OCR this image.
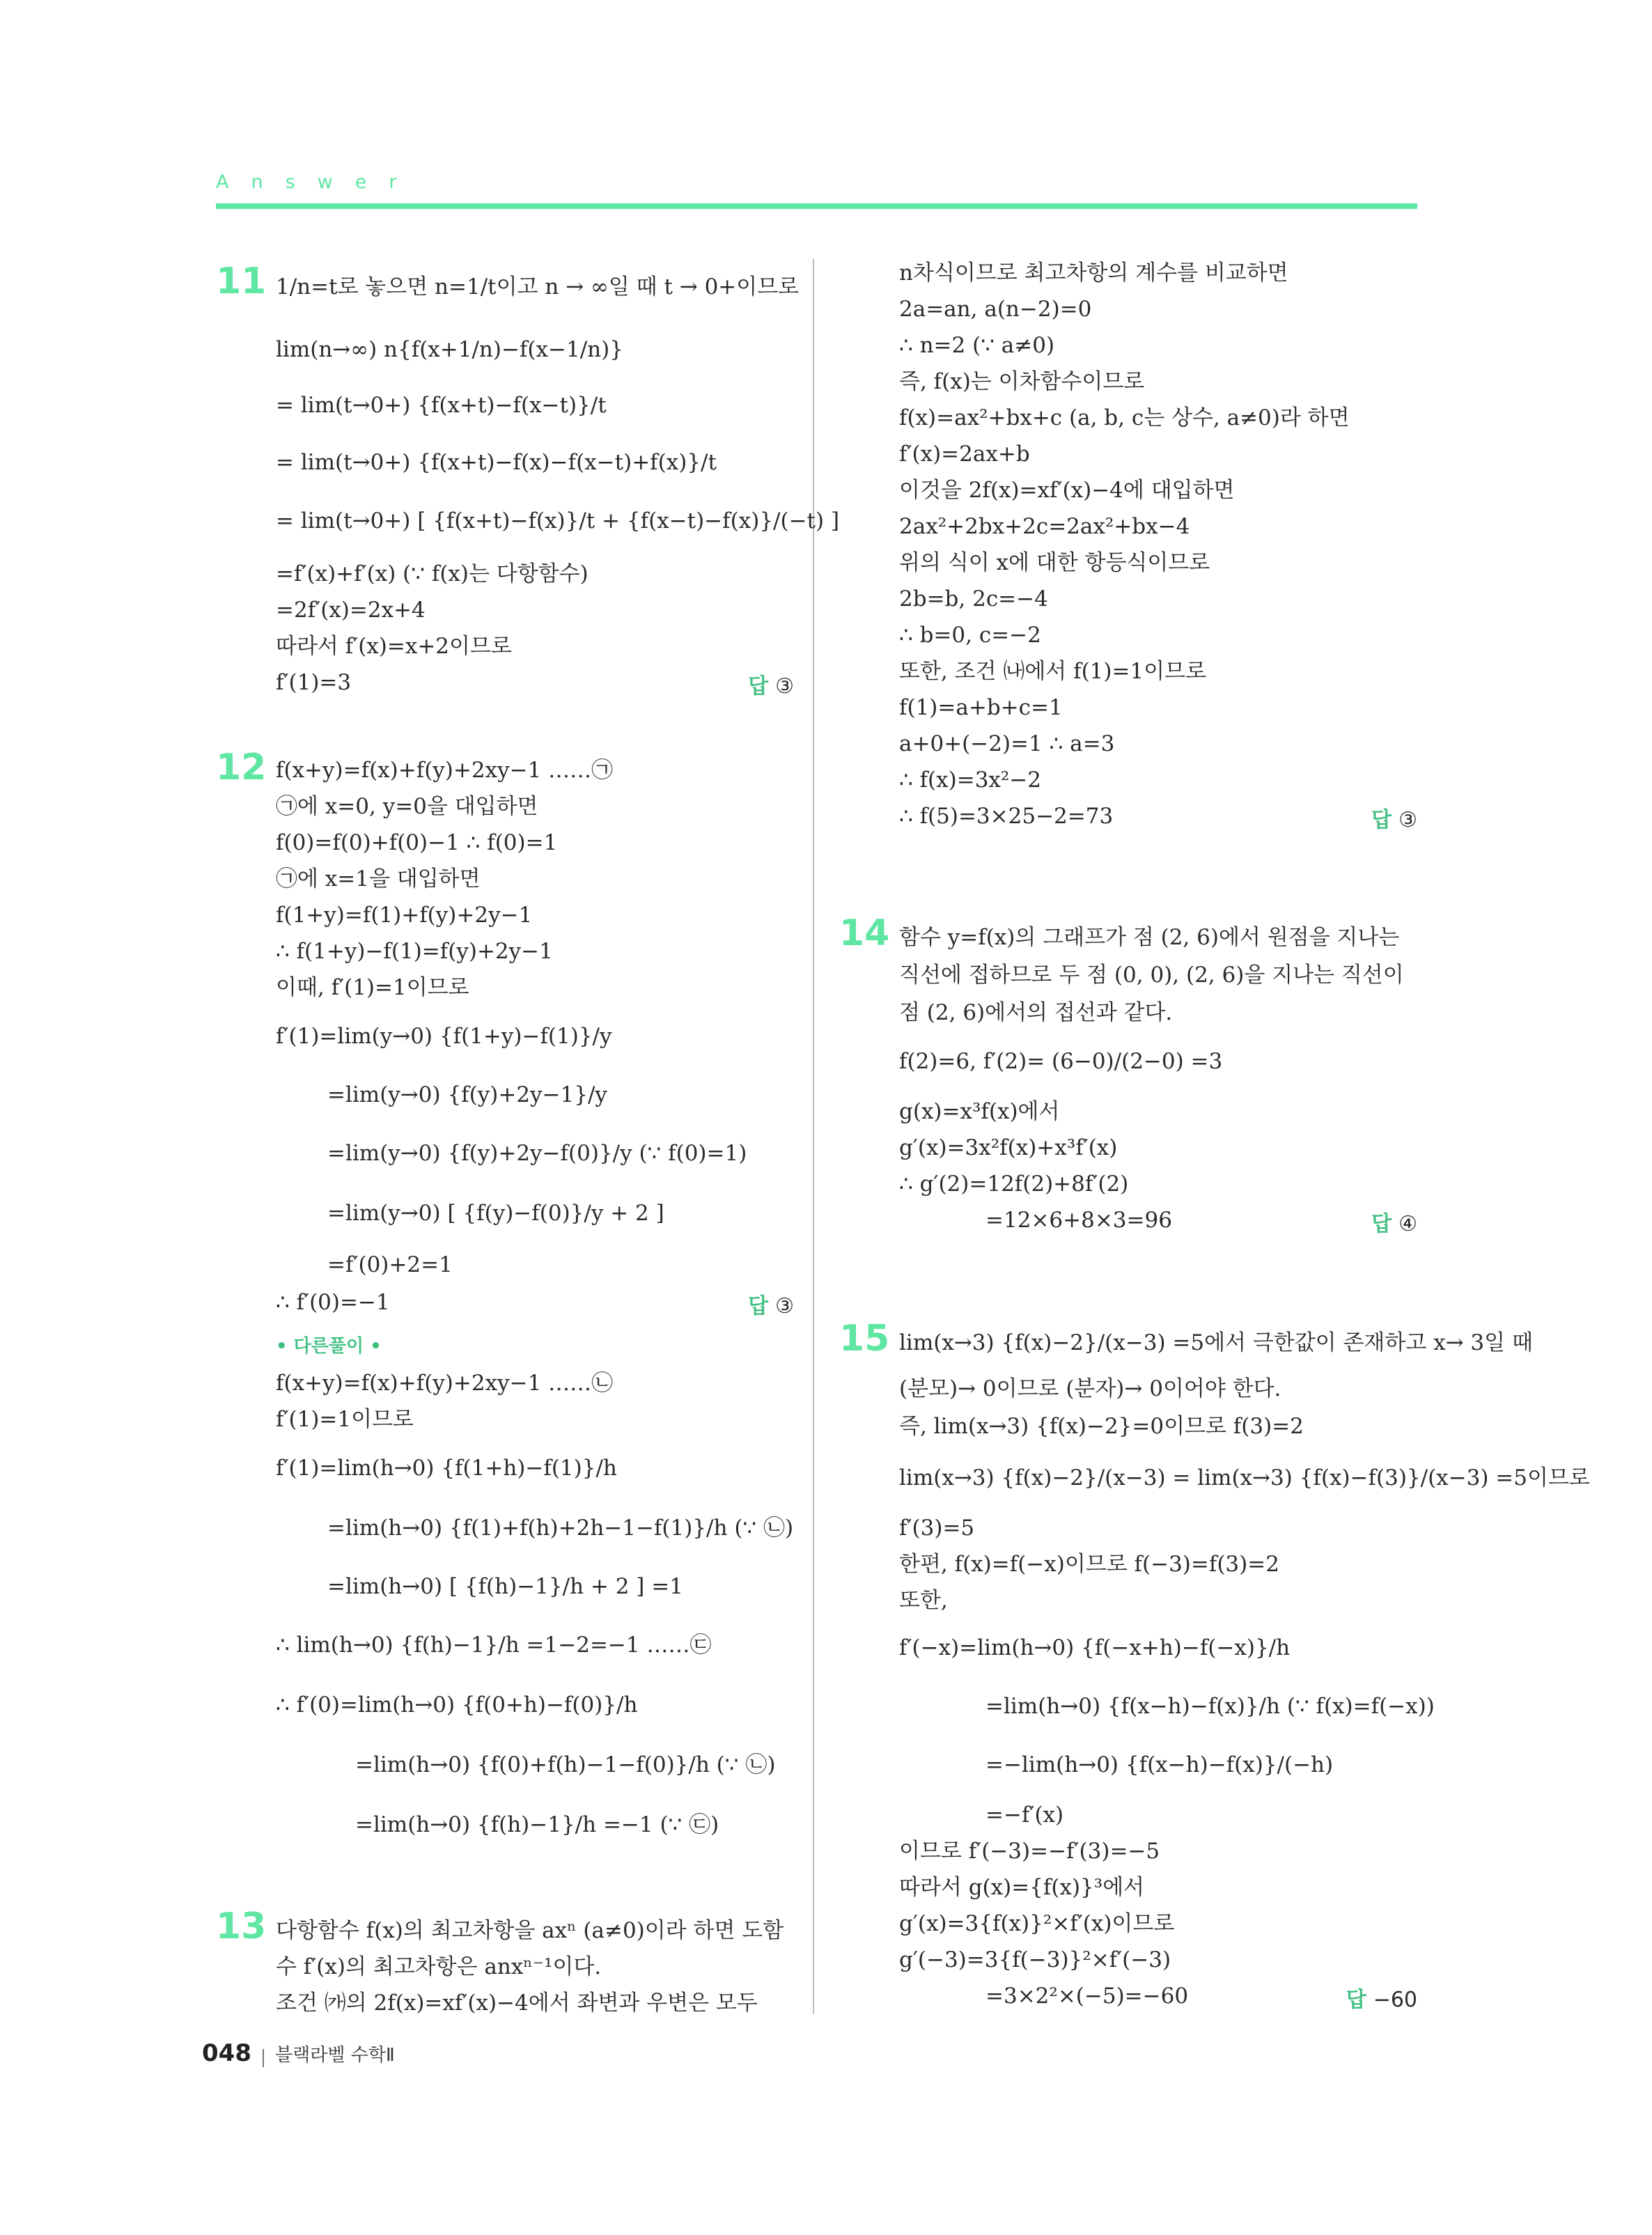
Answer
11 1/n=t로 놓으면 n=1/t이고 n → ∞일 때 t → 0+이므로
lim(n→∞) n{f(x+1/n)−f(x−1/n)}
= lim(t→0+) {f(x+t)−f(x−t)}/t
= lim(t→0+) {f(x+t)−f(x)−f(x−t)+f(x)}/t
= lim(t→0+) [ {f(x+t)−f(x)}/t + {f(x−t)−f(x)}/(−t) ]
=f′(x)+f′(x) (∵ f(x)는 다항함수)
=2f′(x)=2x+4
따라서 f′(x)=x+2이므로
f′(1)=3	답 ③
12 f(x+y)=f(x)+f(y)+2xy−1 ……㉠
㉠에 x=0, y=0을 대입하면
f(0)=f(0)+f(0)−1 ∴ f(0)=1
㉠에 x=1을 대입하면
f(1+y)=f(1)+f(y)+2y−1
∴ f(1+y)−f(1)=f(y)+2y−1
이때, f′(1)=1이므로
f′(1)=lim(y→0) {f(1+y)−f(1)}/y
=lim(y→0) {f(y)+2y−1}/y
=lim(y→0) {f(y)+2y−f(0)}/y (∵ f(0)=1)
=lim(y→0) [ {f(y)−f(0)}/y + 2 ]
=f′(0)+2=1
∴ f′(0)=−1	답 ③
• 다른풀이 •
f(x+y)=f(x)+f(y)+2xy−1 ……㉡
f′(1)=1이므로
f′(1)=lim(h→0) {f(1+h)−f(1)}/h
=lim(h→0) {f(1)+f(h)+2h−1−f(1)}/h (∵ ㉡)
=lim(h→0) [ {f(h)−1}/h + 2 ] =1
∴ lim(h→0) {f(h)−1}/h =1−2=−1 ……㉢
∴ f′(0)=lim(h→0) {f(0+h)−f(0)}/h
=lim(h→0) {f(0)+f(h)−1−f(0)}/h (∵ ㉡)
=lim(h→0) {f(h)−1}/h =−1 (∵ ㉢)
13 다항함수 f(x)의 최고차항을 axⁿ (a≠0)이라 하면 도함
수 f′(x)의 최고차항은 anxⁿ⁻¹이다.
조건 ㈎의 2f(x)=xf′(x)−4에서 좌변과 우변은 모두
n차식이므로 최고차항의 계수를 비교하면
2a=an, a(n−2)=0
∴ n=2 (∵ a≠0)
즉, f(x)는 이차함수이므로
f(x)=ax²+bx+c (a, b, c는 상수, a≠0)라 하면
f′(x)=2ax+b
이것을 2f(x)=xf′(x)−4에 대입하면
2ax²+2bx+2c=2ax²+bx−4
위의 식이 x에 대한 항등식이므로
2b=b, 2c=−4
∴ b=0, c=−2
또한, 조건 ㈏에서 f(1)=1이므로
f(1)=a+b+c=1
a+0+(−2)=1 ∴ a=3
∴ f(x)=3x²−2
∴ f(5)=3×25−2=73	답 ③
14 함수 y=f(x)의 그래프가 점 (2, 6)에서 원점을 지나는
직선에 접하므로 두 점 (0, 0), (2, 6)을 지나는 직선이
점 (2, 6)에서의 접선과 같다.
f(2)=6, f′(2)= (6−0)/(2−0) =3
g(x)=x³f(x)에서
g′(x)=3x²f(x)+x³f′(x)
∴ g′(2)=12f(2)+8f′(2)
=12×6+8×3=96	답 ④
15 lim(x→3) {f(x)−2}/(x−3) =5에서 극한값이 존재하고 x→ 3일 때
(분모)→ 0이므로 (분자)→ 0이어야 한다.
즉, lim(x→3) {f(x)−2}=0이므로 f(3)=2
lim(x→3) {f(x)−2}/(x−3) = lim(x→3) {f(x)−f(3)}/(x−3) =5이므로
f′(3)=5
한편, f(x)=f(−x)이므로 f(−3)=f(3)=2
또한,
f′(−x)=lim(h→0) {f(−x+h)−f(−x)}/h
=lim(h→0) {f(x−h)−f(x)}/h (∵ f(x)=f(−x))
=−lim(h→0) {f(x−h)−f(x)}/(−h)
=−f′(x)
이므로 f′(−3)=−f′(3)=−5
따라서 g(x)={f(x)}³에서
g′(x)=3{f(x)}²×f′(x)이므로
g′(−3)=3{f(−3)}²×f′(−3)
=3×2²×(−5)=−60	답 −60
048 블랙라벨 수학Ⅱ
